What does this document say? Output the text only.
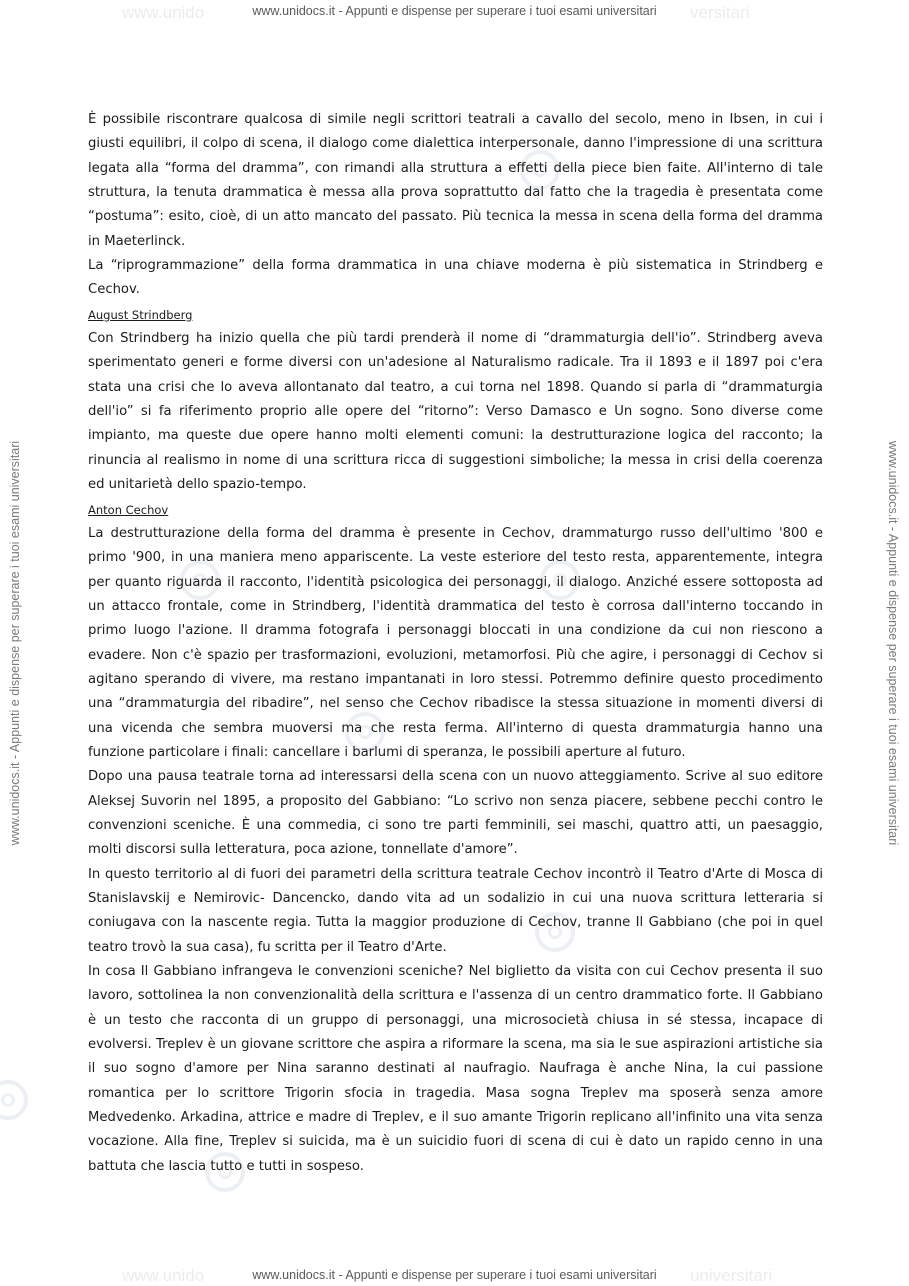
www.unido	versitari
www.unidocs.it - Appunti e dispense per superare i tuoi esami universitari
www.unidocs.it - Appunti e dispense per superare i tuoi esami universitari	www.unidocs.it - Appunti e dispense per superare i tuoi esami universitari

È possibile riscontrare qualcosa di simile negli scrittori teatrali a cavallo del secolo, meno in Ibsen, in cui i giusti equilibri, il colpo di scena, il dialogo come dialettica interpersonale, danno l'impressione di una scrittura legata alla “forma del dramma”, con rimandi alla struttura a effetti della piece bien faite. All'interno di tale struttura, la tenuta drammatica è messa alla prova soprattutto dal fatto che la tragedia è presentata come “postuma”: esito, cioè, di un atto mancato del passato. Più tecnica la messa in scena della forma del dramma in Maeterlinck.

La “riprogrammazione” della forma drammatica in una chiave moderna è più sistematica in Strindberg e Cechov.

August Strindberg

Con Strindberg ha inizio quella che più tardi prenderà il nome di “drammaturgia dell'io”. Strindberg aveva sperimentato generi e forme diversi con un'adesione al Naturalismo radicale. Tra il 1893 e il 1897 poi c'era stata una crisi che lo aveva allontanato dal teatro, a cui torna nel 1898. Quando si parla di “drammaturgia dell'io” si fa riferimento proprio alle opere del “ritorno”: Verso Damasco e Un sogno. Sono diverse come impianto, ma queste due opere hanno molti elementi comuni: la destrutturazione logica del racconto; la rinuncia al realismo in nome di una scrittura ricca di suggestioni simboliche; la messa in crisi della coerenza ed unitarietà dello spazio-tempo.

Anton Cechov

La destrutturazione della forma del dramma è presente in Cechov, drammaturgo russo dell'ultimo '800 e primo '900, in una maniera meno appariscente. La veste esteriore del testo resta, apparentemente, integra per quanto riguarda il racconto, l'identità psicologica dei personaggi, il dialogo. Anziché essere sottoposta ad un attacco frontale, come in Strindberg, l'identità drammatica del testo è corrosa dall'interno toccando in primo luogo l'azione. Il dramma fotografa i personaggi bloccati in una condizione da cui non riescono a evadere. Non c'è spazio per trasformazioni, evoluzioni, metamorfosi. Più che agire, i personaggi di Cechov si agitano sperando di vivere, ma restano impantanati in loro stessi. Potremmo definire questo procedimento una “drammaturgia del ribadire”, nel senso che Cechov ribadisce la stessa situazione in momenti diversi di una vicenda che sembra muoversi ma che resta ferma. All'interno di questa drammaturgia hanno una funzione particolare i finali: cancellare i barlumi di speranza, le possibili aperture al futuro.

Dopo una pausa teatrale torna ad interessarsi della scena con un nuovo atteggiamento. Scrive al suo editore Aleksej Suvorin nel 1895, a proposito del Gabbiano: “Lo scrivo non senza piacere, sebbene pecchi contro le convenzioni sceniche. È una commedia, ci sono tre parti femminili, sei maschi, quattro atti, un paesaggio, molti discorsi sulla letteratura, poca azione, tonnellate d'amore”.

In questo territorio al di fuori dei parametri della scrittura teatrale Cechov incontrò il Teatro d'Arte di Mosca di Stanislavskij e Nemirovic- Dancencko, dando vita ad un sodalizio in cui una nuova scrittura letteraria si coniugava con la nascente regia. Tutta la maggior produzione di Cechov, tranne Il Gabbiano (che poi in quel teatro trovò la sua casa), fu scritta per il Teatro d'Arte.

In cosa Il Gabbiano infrangeva le convenzioni sceniche? Nel biglietto da visita con cui Cechov presenta il suo lavoro, sottolinea la non convenzionalità della scrittura e l'assenza di un centro drammatico forte. Il Gabbiano è un testo che racconta di un gruppo di personaggi, una microsocietà chiusa in sé stessa, incapace di evolversi. Treplev è un giovane scrittore che aspira a riformare la scena, ma sia le sue aspirazioni artistiche sia il suo sogno d'amore per Nina saranno destinati al naufragio. Naufraga è anche Nina, la cui passione romantica per lo scrittore Trigorin sfocia in tragedia. Masa sogna Treplev ma sposerà senza amore Medvedenko. Arkadina, attrice e madre di Treplev, e il suo amante Trigorin replicano all'infinito una vita senza vocazione. Alla fine, Treplev si suicida, ma è un suicidio fuori di scena di cui è dato un rapido cenno in una battuta che lascia tutto e tutti in sospeso.

www.unido	universitari
www.unidocs.it - Appunti e dispense per superare i tuoi esami universitari
